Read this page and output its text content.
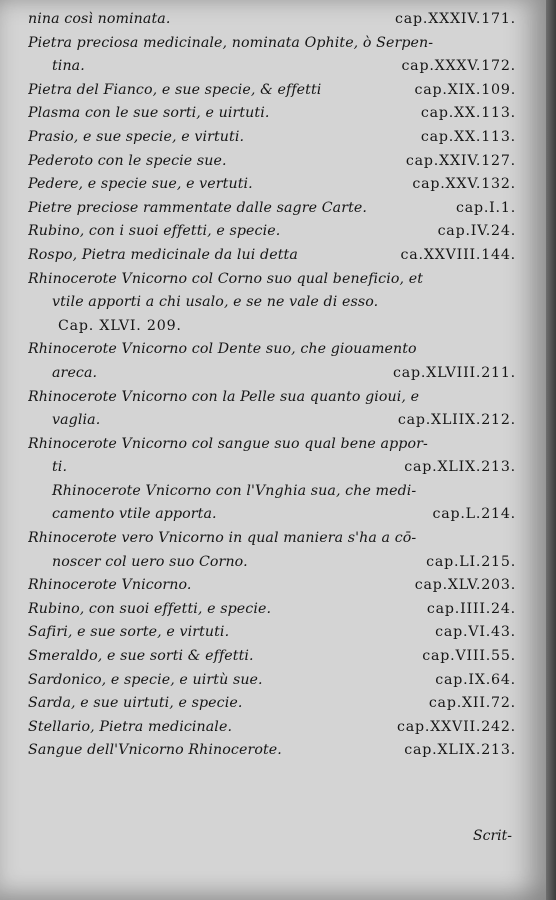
nina così nominata.	cap.XXXIV.171.
Pietra preciosa medicinale, nominata Ophite, ò Serpen-
tina.	cap.XXXV.172.
Pietra del Fianco, e sue specie, & effetti	cap.XIX.109.
Plasma con le sue sorti, e uirtuti.	cap.XX.113.
Prasio, e sue specie, e virtuti.	cap.XX.113.
Pederoto con le specie sue.	cap.XXIV.127.
Pedere, e specie sue, e vertuti.	cap.XXV.132.
Pietre preciose rammentate dalle sagre Carte.	cap.I.1.
Rubino, con i suoi effetti, e specie.	cap.IV.24.
Rospo, Pietra medicinale da lui detta	ca.XXVIII.144.
Rhinocerote Vnicorno col Corno suo qual beneficio, et
vtile apporti a chi usalo, e se ne vale di esso.
Cap. XLVI. 209.
Rhinocerote Vnicorno col Dente suo, che giouamento
areca.	cap.XLVIII.211.
Rhinocerote Vnicorno con la Pelle sua quanto gioui, e
vaglia.	cap.XLIIX.212.
Rhinocerote Vnicorno col sangue suo qual bene appor-
ti.	cap.XLIX.213.
Rhinocerote Vnicorno con l'Vnghia sua, che medi-
camento vtile apporta.	cap.L.214.
Rhinocerote vero Vnicorno in qual maniera s'ha a cō-
noscer col uero suo Corno.	cap.LI.215.
Rhinocerote Vnicorno.	cap.XLV.203.
Rubino, con suoi effetti, e specie.	cap.IIII.24.
Safiri, e sue sorte, e virtuti.	cap.VI.43.
Smeraldo, e sue sorti & effetti.	cap.VIII.55.
Sardonico, e specie, e uirtù sue.	cap.IX.64.
Sarda, e sue uirtuti, e specie.	cap.XII.72.
Stellario, Pietra medicinale.	cap.XXVII.242.
Sangue dell'Vnicorno Rhinocerote.	cap.XLIX.213.
Scrit-
